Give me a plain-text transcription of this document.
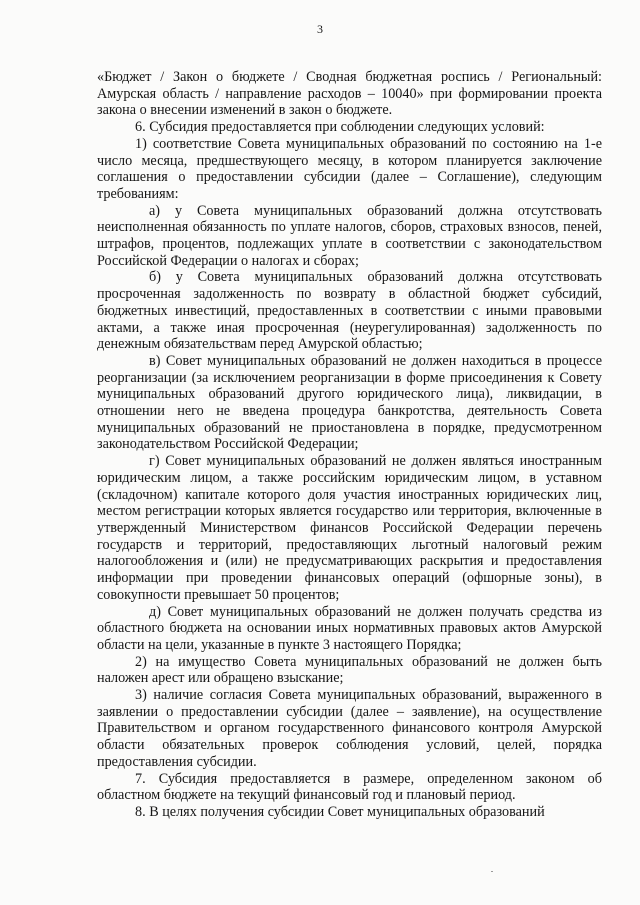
3

«Бюджет / Закон о бюджете / Сводная бюджетная роспись / Региональный: Амурская область / направление расходов – 10040» при формировании проекта закона о внесении изменений в закон о бюджете.

6. Субсидия предоставляется при соблюдении следующих условий:

1) соответствие Совета муниципальных образований по состоянию на 1-е число месяца, предшествующего месяцу, в котором планируется заключение соглашения о предоставлении субсидии (далее – Соглашение), следующим требованиям:

а) у Совета муниципальных образований должна отсутствовать неисполненная обязанность по уплате налогов, сборов, страховых взносов, пеней, штрафов, процентов, подлежащих уплате в соответствии с законодательством Российской Федерации о налогах и сборах;

б) у Совета муниципальных образований должна отсутствовать просроченная задолженность по возврату в областной бюджет субсидий, бюджетных инвестиций, предоставленных в соответствии с иными правовыми актами, а также иная просроченная (неурегулированная) задолженность по денежным обязательствам перед Амурской областью;

в) Совет муниципальных образований не должен находиться в процессе реорганизации (за исключением реорганизации в форме присоединения к Совету муниципальных образований другого юридического лица), ликвидации, в отношении него не введена процедура банкротства, деятельность Совета муниципальных образований не приостановлена в порядке, предусмотренном законодательством Российской Федерации;

г) Совет муниципальных образований не должен являться иностранным юридическим лицом, а также российским юридическим лицом, в уставном (складочном) капитале которого доля участия иностранных юридических лиц, местом регистрации которых является государство или территория, включенные в утвержденный Министерством финансов Российской Федерации перечень государств и территорий, предоставляющих льготный налоговый режим налогообложения и (или) не предусматривающих раскрытия и предоставления информации при проведении финансовых операций (офшорные зоны), в совокупности превышает 50 процентов;

д) Совет муниципальных образований не должен получать средства из областного бюджета на основании иных нормативных правовых актов Амурской области на цели, указанные в пункте 3 настоящего Порядка;

2) на имущество Совета муниципальных образований не должен быть наложен арест или обращено взыскание;

3) наличие согласия Совета муниципальных образований, выраженного в заявлении о предоставлении субсидии (далее – заявление), на осуществление Правительством и органом государственного финансового контроля Амурской области обязательных проверок соблюдения условий, целей, порядка предоставления субсидии.

7. Субсидия предоставляется в размере, определенном законом об областном бюджете на текущий финансовый год и плановый период.

8. В целях получения субсидии Совет муниципальных образований
